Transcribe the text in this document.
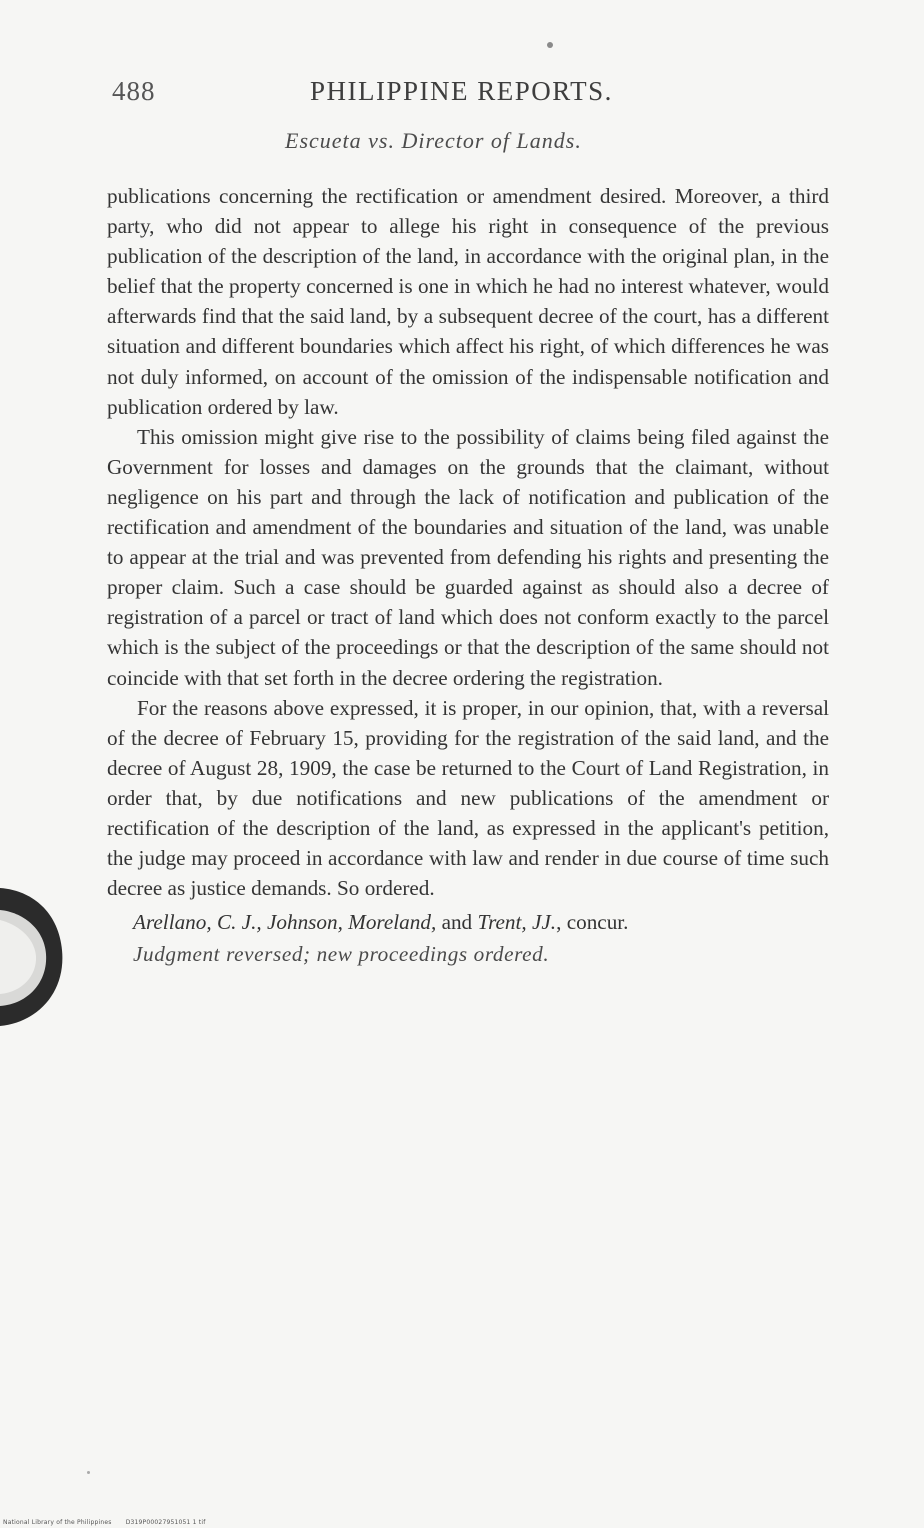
488	PHILIPPINE REPORTS.
Escueta vs. Director of Lands.

publications concerning the rectification or amendment desired. Moreover, a third party, who did not appear to allege his right in consequence of the previous publication of the description of the land, in accordance with the original plan, in the belief that the property concerned is one in which he had no interest whatever, would afterwards find that the said land, by a subsequent decree of the court, has a different situation and different boundaries which affect his right, of which differences he was not duly informed, on account of the omission of the indispensable notification and publication ordered by law.

This omission might give rise to the possibility of claims being filed against the Government for losses and damages on the grounds that the claimant, without negligence on his part and through the lack of notification and publication of the rectification and amendment of the boundaries and situation of the land, was unable to appear at the trial and was prevented from defending his rights and presenting the proper claim. Such a case should be guarded against as should also a decree of registration of a parcel or tract of land which does not conform exactly to the parcel which is the subject of the proceedings or that the description of the same should not coincide with that set forth in the decree ordering the registration.

For the reasons above expressed, it is proper, in our opinion, that, with a reversal of the decree of February 15, providing for the registration of the said land, and the decree of August 28, 1909, the case be returned to the Court of Land Registration, in order that, by due notifications and new publications of the amendment or rectification of the description of the land, as expressed in the applicant's petition, the judge may proceed in accordance with law and render in due course of time such decree as justice demands. So ordered.

Arellano, C. J., Johnson, Moreland, and Trent, JJ., concur.

Judgment reversed; new proceedings ordered.

National Library of the Philippines D319P00027951051 1 tif
